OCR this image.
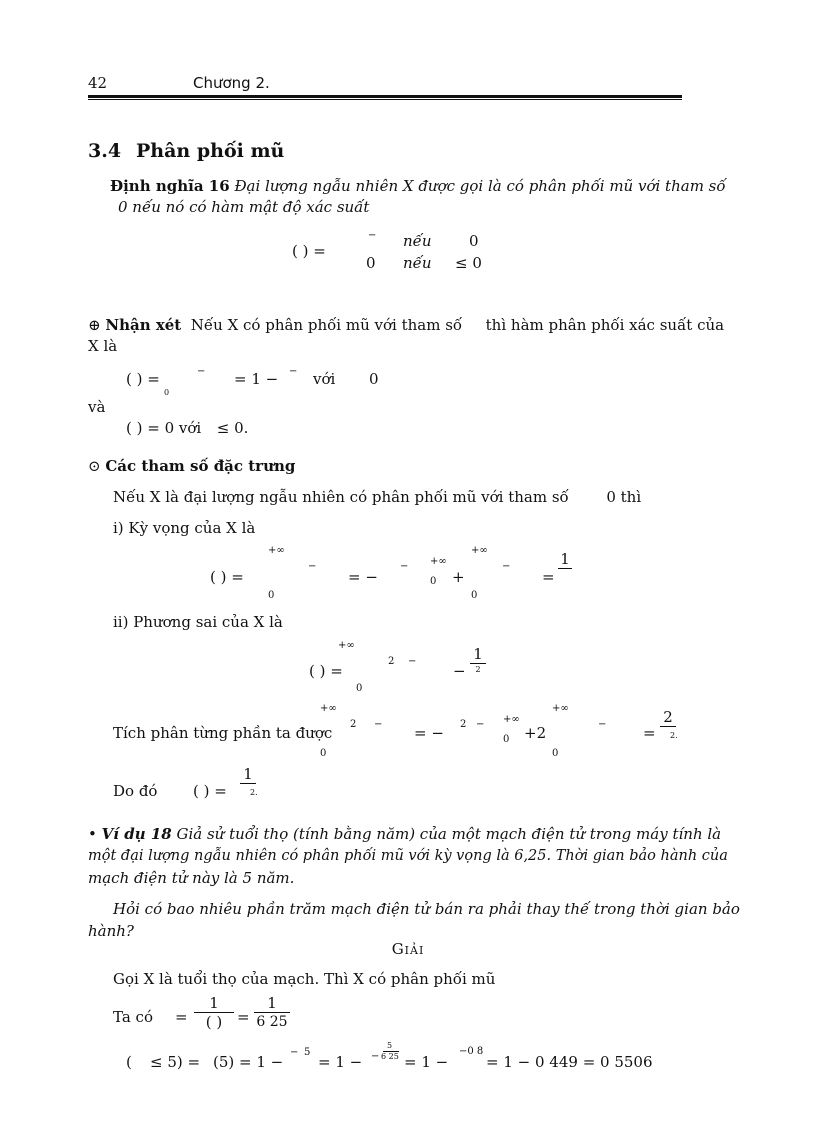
42	Chương 2.
3.4 Phân phối mũ
Định nghĩa 16 Đại lượng ngẫu nhiên X được gọi là có phân phối mũ với tham số
0 nếu nó có hàm mật độ xác suất
( ) =
− nếu 0
0 nếu ≤ 0
⊕ Nhận xét Nếu X có phân phối mũ với tham số thì hàm phân phối xác suất của
X là
( ) =
0
− = 1 − − với 0
và
( ) = 0 với ≤ 0.
⊙ Các tham số đặc trưng
Nếu X là đại lượng ngẫu nhiên có phân phối mũ với tham số	0 thì
i) Kỳ vọng của X là
+∞
0
( ) =
−
= −
− +∞
0 +
+∞
0
−
=
1
ii) Phương sai của X là
+∞
0
( ) =
2 −
−
1
2
Tích phân từng phần ta được
+∞
0
2 − = − 2 − +∞
0 +2
+∞
0
− =
2
2.
Do đó ( ) =
1
2.
• Ví dụ 18 Giả sử tuổi thọ (tính bằng năm) của một mạch điện tử trong máy tính là
một đại lượng ngẫu nhiên có phân phối mũ với kỳ vọng là 6,25. Thời gian bảo hành của
mạch điện tử này là 5 năm.
Hỏi có bao nhiêu phần trăm mạch điện tử bán ra phải thay thế trong thời gian bảo
hành?
Giải
Gọi X là tuổi thọ của mạch. Thì X có phân phối mũ
Ta có =
1
( ) = $\frac{1}{6 25}$
( ≤ 5) = (5) = 1 −
− 5
= 1 − −
5
6 25 = 1 −
−0 8
= 1 − 0 449 = 0 5506
